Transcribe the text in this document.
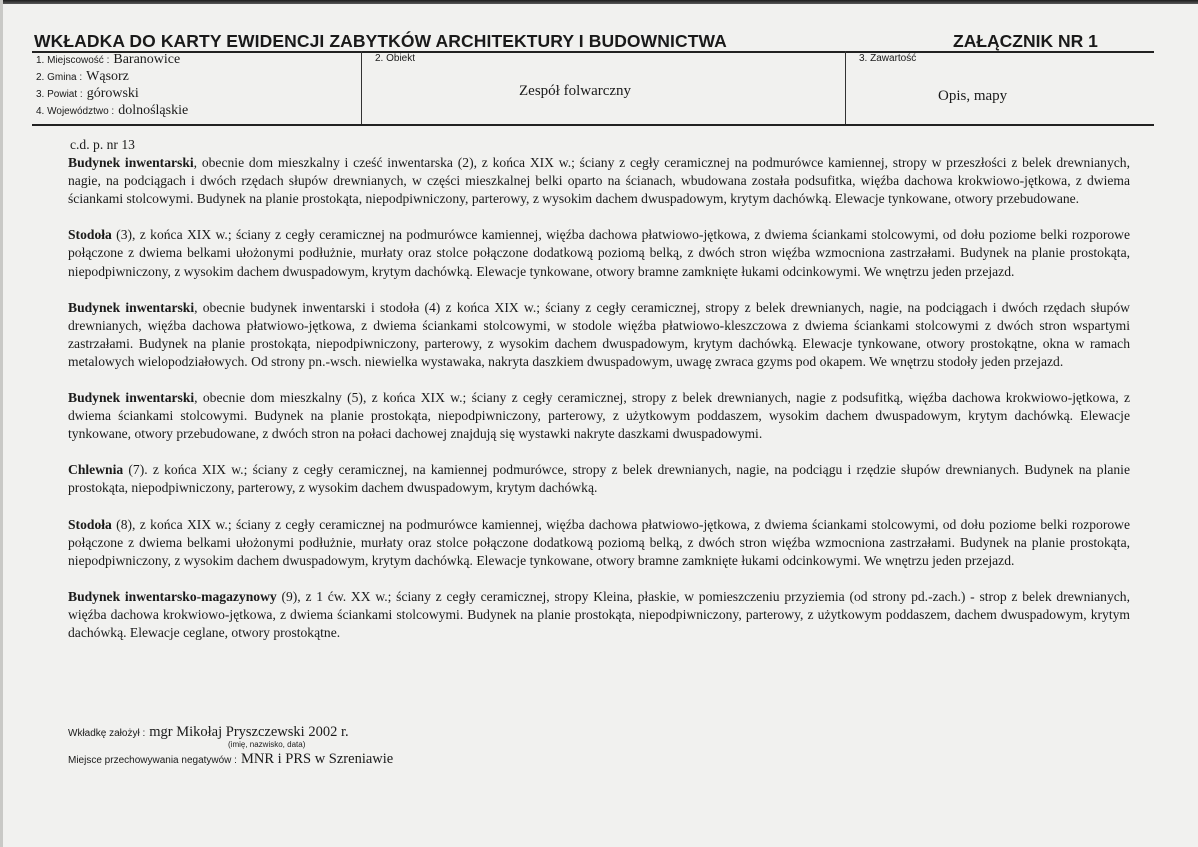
WKŁADKA DO KARTY EWIDENCJI ZABYTKÓW ARCHITEKTURY I BUDOWNICTWA	ZAŁĄCZNIK NR 1
1. Miejscowość : Baranowice
2. Gmina : Wąsorz
3. Powiat : górowski
4. Województwo : dolnośląskie
2. Obiekt
Zespół folwarczny
3. Zawartość
Opis, mapy
c.d. p. nr 13

Budynek inwentarski, obecnie dom mieszkalny i cześć inwentarska (2), z końca XIX w.; ściany z cegły ceramicznej na podmurówce kamiennej, stropy w przeszłości z belek drewnianych, nagie, na podciągach i dwóch rzędach słupów drewnianych, w części mieszkalnej belki oparto na ścianach, wbudowana została podsufitka, więźba dachowa krokwiowo-jętkowa, z dwiema ściankami stolcowymi. Budynek na planie prostokąta, niepodpiwniczony, parterowy, z wysokim dachem dwuspadowym, krytym dachówką. Elewacje tynkowane, otwory przebudowane.

Stodoła (3), z końca XIX w.; ściany z cegły ceramicznej na podmurówce kamiennej, więźba dachowa płatwiowo-jętkowa, z dwiema ściankami stolcowymi, od dołu poziome belki rozporowe połączone z dwiema belkami ułożonymi podłużnie, murłaty oraz stolce połączone dodatkową poziomą belką, z dwóch stron więźba wzmocniona zastrzałami. Budynek na planie prostokąta, niepodpiwniczony, z wysokim dachem dwuspadowym, krytym dachówką. Elewacje tynkowane, otwory bramne zamknięte łukami odcinkowymi. We wnętrzu jeden przejazd.

Budynek inwentarski, obecnie budynek inwentarski i stodoła (4) z końca XIX w.; ściany z cegły ceramicznej, stropy z belek drewnianych, nagie, na podciągach i dwóch rzędach słupów drewnianych, więźba dachowa płatwiowo-jętkowa, z dwiema ściankami stolcowymi, w stodole więźba płatwiowo-kleszczowa z dwiema ściankami stolcowymi z dwóch stron wspartymi zastrzałami. Budynek na planie prostokąta, niepodpiwniczony, parterowy, z wysokim dachem dwuspadowym, krytym dachówką. Elewacje tynkowane, otwory prostokątne, okna w ramach metalowych wielopodziałowych. Od strony pn.-wsch. niewielka wystawaka, nakryta daszkiem dwuspadowym, uwagę zwraca gzyms pod okapem. We wnętrzu stodoły jeden przejazd.

Budynek inwentarski, obecnie dom mieszkalny (5), z końca XIX w.; ściany z cegły ceramicznej, stropy z belek drewnianych, nagie z podsufitką, więźba dachowa krokwiowo-jętkowa, z dwiema ściankami stolcowymi. Budynek na planie prostokąta, niepodpiwniczony, parterowy, z użytkowym poddaszem, wysokim dachem dwuspadowym, krytym dachówką. Elewacje tynkowane, otwory przebudowane, z dwóch stron na połaci dachowej znajdują się wystawki nakryte daszkami dwuspadowymi.

Chlewnia (7). z końca XIX w.; ściany z cegły ceramicznej, na kamiennej podmurówce, stropy z belek drewnianych, nagie, na podciągu i rzędzie słupów drewnianych. Budynek na planie prostokąta, niepodpiwniczony, parterowy, z wysokim dachem dwuspadowym, krytym dachówką.

Stodoła (8), z końca XIX w.; ściany z cegły ceramicznej na podmurówce kamiennej, więźba dachowa płatwiowo-jętkowa, z dwiema ściankami stolcowymi, od dołu poziome belki rozporowe połączone z dwiema belkami ułożonymi podłużnie, murłaty oraz stolce połączone dodatkową poziomą belką, z dwóch stron więźba wzmocniona zastrzałami. Budynek na planie prostokąta, niepodpiwniczony, z wysokim dachem dwuspadowym, krytym dachówką. Elewacje tynkowane, otwory bramne zamknięte łukami odcinkowymi. We wnętrzu jeden przejazd.

Budynek inwentarsko-magazynowy (9), z 1 ćw. XX w.; ściany z cegły ceramicznej, stropy Kleina, płaskie, w pomieszczeniu przyziemia (od strony pd.-zach.) - strop z belek drewnianych, więźba dachowa krokwiowo-jętkowa, z dwiema ściankami stolcowymi. Budynek na planie prostokąta, niepodpiwniczony, parterowy, z użytkowym poddaszem, dachem dwuspadowym, krytym dachówką. Elewacje ceglane, otwory prostokątne.

Wkładkę założył : mgr Mikołaj Pryszczewski 2002 r.
(imię, nazwisko, data)
Miejsce przechowywania negatywów : MNR i PRS w Szreniawie
